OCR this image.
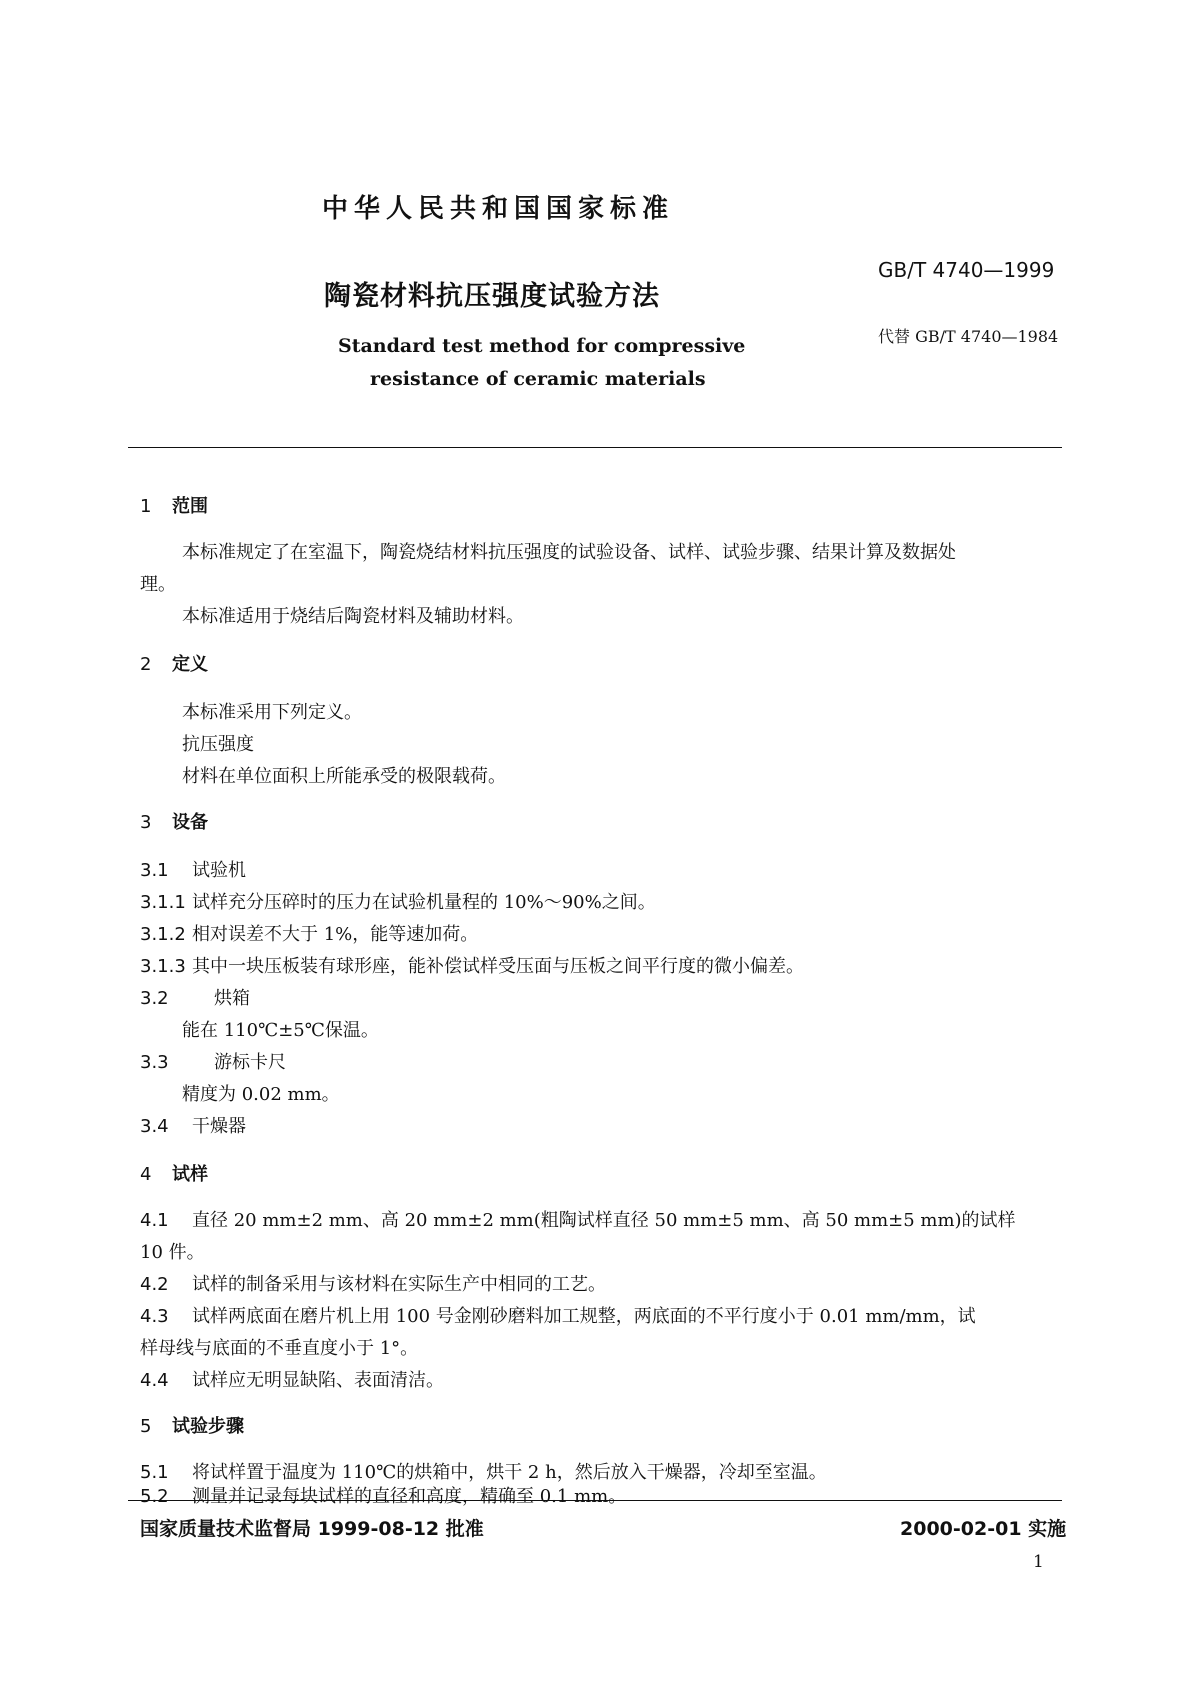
中华人民共和国国家标准
陶瓷材料抗压强度试验方法
GB/T 4740—1999
代替 GB/T 4740—1984
Standard test method for compressive
resistance of ceramic materials
1 范围
本标准规定了在室温下，陶瓷烧结材料抗压强度的试验设备、试样、试验步骤、结果计算及数据处
理。
本标准适用于烧结后陶瓷材料及辅助材料。
2 定义
本标准采用下列定义。
抗压强度
材料在单位面积上所能承受的极限载荷。
3 设备
3.1 试验机
3.1.1 试样充分压碎时的压力在试验机量程的 10%～90%之间。
3.1.2 相对误差不大于 1%，能等速加荷。
3.1.3 其中一块压板装有球形座，能补偿试样受压面与压板之间平行度的微小偏差。
3.2	烘箱
能在 110℃±5℃保温。
3.3	游标卡尺
精度为 0.02 mm。
3.4 干燥器
4 试样
4.1 直径 20 mm±2 mm、高 20 mm±2 mm(粗陶试样直径 50 mm±5 mm、高 50 mm±5 mm)的试样
10 件。
4.2 试样的制备采用与该材料在实际生产中相同的工艺。
4.3 试样两底面在磨片机上用 100 号金刚砂磨料加工规整，两底面的不平行度小于 0.01 mm/mm，试
样母线与底面的不垂直度小于 1°。
4.4 试样应无明显缺陷、表面清洁。
5 试验步骤
5.1 将试样置于温度为 110℃的烘箱中，烘干 2 h，然后放入干燥器，冷却至室温。
5.2 测量并记录每块试样的直径和高度，精确至 0.1 mm。
国家质量技术监督局 1999-08-12 批准	2000-02-01 实施
1
